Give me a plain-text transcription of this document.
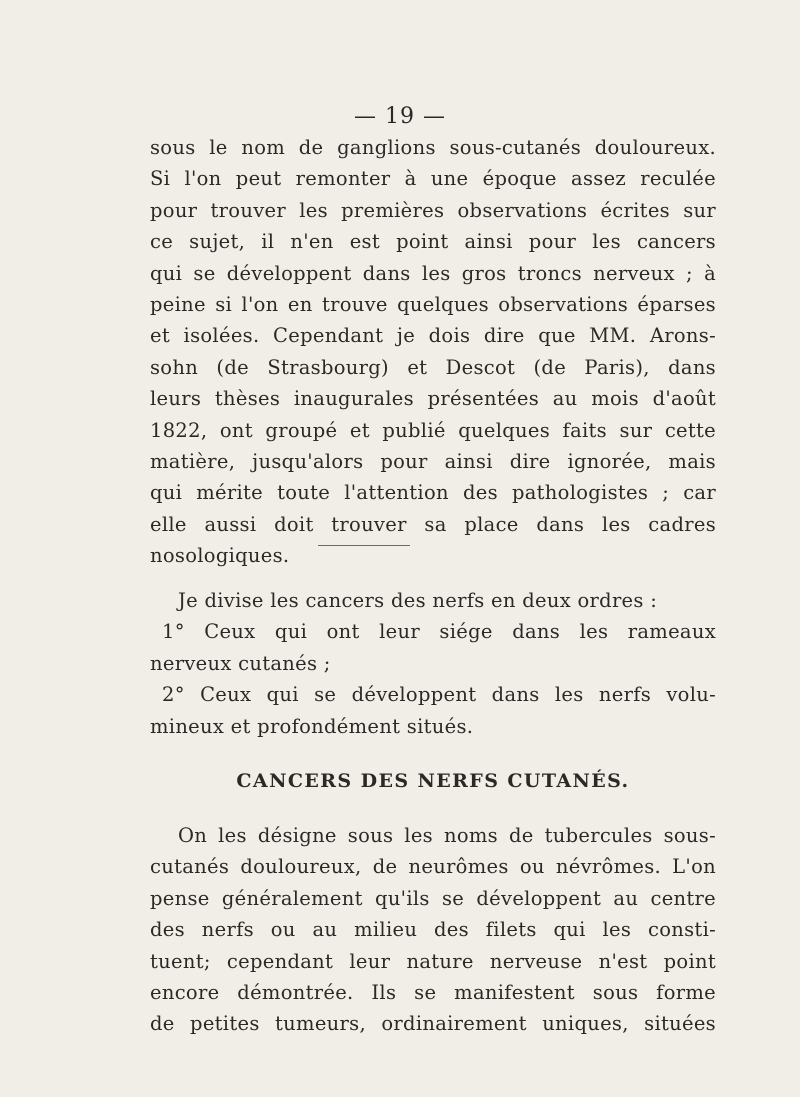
— 19 —
sous le nom de ganglions sous-cutanés douloureux.
Si l'on peut remonter à une époque assez reculée
pour trouver les premières observations écrites sur
ce sujet, il n'en est point ainsi pour les cancers
qui se développent dans les gros troncs nerveux ; à
peine si l'on en trouve quelques observations éparses
et isolées. Cependant je dois dire que MM. Arons-
sohn (de Strasbourg) et Descot (de Paris), dans
leurs thèses inaugurales présentées au mois d'août
1822, ont groupé et publié quelques faits sur cette
matière, jusqu'alors pour ainsi dire ignorée, mais
qui mérite toute l'attention des pathologistes ; car
elle aussi doit trouver sa place dans les cadres
nosologiques.
Je divise les cancers des nerfs en deux ordres :
1° Ceux qui ont leur siége dans les rameaux
nerveux cutanés ;
2° Ceux qui se développent dans les nerfs volu-
mineux et profondément situés.
CANCERS DES NERFS CUTANÉS.
On les désigne sous les noms de tubercules sous-
cutanés douloureux, de neurômes ou névrômes. L'on
pense généralement qu'ils se développent au centre
des nerfs ou au milieu des filets qui les consti-
tuent; cependant leur nature nerveuse n'est point
encore démontrée. Ils se manifestent sous forme
de petites tumeurs, ordinairement uniques, situées
